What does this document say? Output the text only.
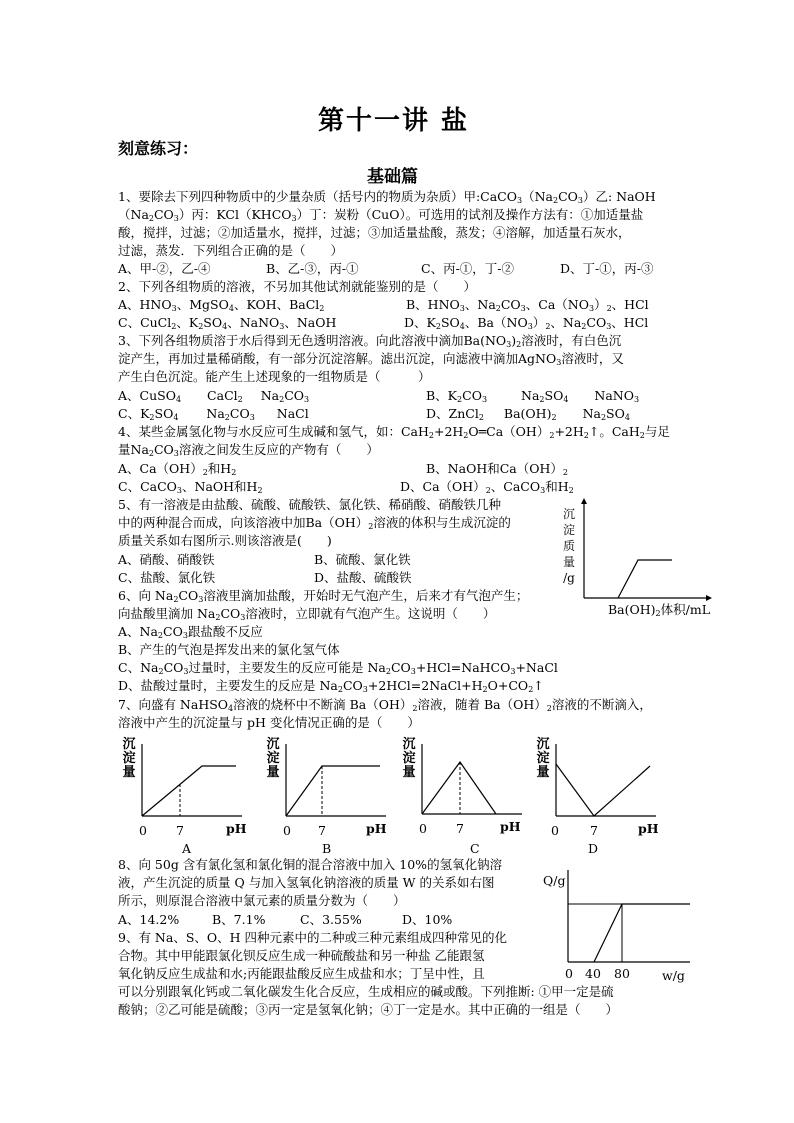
第十一讲 盐
刻意练习：
基础篇
1、要除去下列四种物质中的少量杂质（括号内的物质为杂质）甲$:CaCO_3(Na_2CO_3)$乙: NaOH
$(Na_2CO_3)$丙：$KCl(KHCO_3)$丁：炭粉（CuO）。可选用的试剂及操作方法有：①加适量盐
酸，搅拌，过滤；②加适量水，搅拌，过滤；③加适量盐酸，蒸发；④溶解，加适量石灰水，
过滤，蒸发．下列组合正确的是（　　）
A、甲-②，乙-④	B、乙-③，丙-①	C、丙-①，丁-②	D、丁-①，丙-③
2、下列各组物质的溶液，不另加其他试剂就能鉴别的是（　　）
A、$HNO_3$、MgSO$_4$、KOH、BaCl$_2$	B、$HNO_3$、$Na_2CO_3$、$Ca(NO_3)_2$、HCl
C、CuCl$_2$、$K_2SO_4$、NaNO$_3$、NaOH	D、$K_2SO_4$、$Ba(NO_3)_2$、$Na_2CO_3$、HCl
3、下列各组物质溶于水后得到无色透明溶液。向此溶液中滴加$Ba(NO_3)_2$溶液时，有白色沉
淀产生，再加过量稀硝酸，有一部分沉淀溶解。滤出沉淀，向滤液中滴加AgNO$_3$溶液时，又
产生白色沉淀。能产生上述现象的一组物质是（　　　）
A、CuSO$_4$ CaCl$_2$ $Na_2CO_3$	B、$K_2CO_3$	$Na_2SO_4$ NaNO$_3$
C、$K_2SO_4$ $Na_2CO_3$ NaCl	D、ZnCl$_2$ $Ba(OH)_2$ $Na_2SO_4$
4、某些金属氢化物与水反应可生成碱和氢气，如：$CaH_2+2H_2O═Ca(OH)_2+2H_2↑$。CaH$_2$与足
量$Na_2CO_3$溶液之间发生反应的产物有（　　）
A、$Ca(OH)_2$和$H_2$	B、NaOH和$Ca(OH)_2$
C、CaCO$_3$、NaOH和$H_2$	D、$Ca(OH)_2$、CaCO$_3$和$H_2$
5、有一溶液是由盐酸、硫酸、硫酸铁、氯化铁、稀硝酸、硝酸铁几种
中的两种混合而成，向该溶液中加$Ba(OH)_2$溶液的体积与生成沉淀的
质量关系如右图所示.则该溶液是(　　)
A、硝酸、硝酸铁	B、硫酸、氯化铁
C、盐酸、氯化铁	D、盐酸、硫酸铁
沉
淀
质
量
/g
$Ba(OH)_2$体积/mL
6、向 $Na_2CO_3$溶液里滴加盐酸，开始时无气泡产生，后来才有气泡产生；
向盐酸里滴加 $Na_2CO_3$溶液时，立即就有气泡产生。这说明（　　）
A、$Na_2CO_3$跟盐酸不反应
B、产生的气泡是挥发出来的氯化氢气体
C、$Na_2CO_3$过量时，主要发生的反应可能是 $Na_2CO_3+HCl=NaHCO_3+NaCl$
D、盐酸过量时，主要发生的反应是 $Na_2CO_3+2HCl=2NaCl+H_2O+CO_2↑$
7、向盛有 NaHSO$_4$溶液的烧杯中不断滴 $Ba(OH)_2$溶液，随着 $Ba(OH)_2$溶液的不断滴入，
溶液中产生的沉淀量与 pH 变化情况正确的是（　　）
沉
淀
量
沉
淀
量
沉
淀
量
沉
淀
量
0 7	pH
A
0 7	pH
B
0 7	pH
C
0 7	pH
D
8、向 50g 含有氯化氢和氯化铜的混合溶液中加入 10%的氢氧化钠溶
液，产生沉淀的质量 Q 与加入氢氧化钠溶液的质量 W 的关系如右图
所示，则原混合溶液中氯元素的质量分数为（　　）
A、14.2%	B、7.1%	C、3.55%	D、10%
Q/g
0 40 80	w/g
9、有 Na、S、O、H 四种元素中的二种或三种元素组成四种常见的化
合物。其中甲能跟氯化钡反应生成一种硫酸盐和另一种盐 乙能跟氢
氧化钠反应生成盐和水;丙能跟盐酸反应生成盐和水；丁呈中性，且
可以分别跟氧化钙或二氧化碳发生化合反应，生成相应的碱或酸。下列推断: ①甲一定是硫
酸钠；②乙可能是硫酸；③丙一定是氢氧化钠；④丁一定是水。其中正确的一组是（　　）
